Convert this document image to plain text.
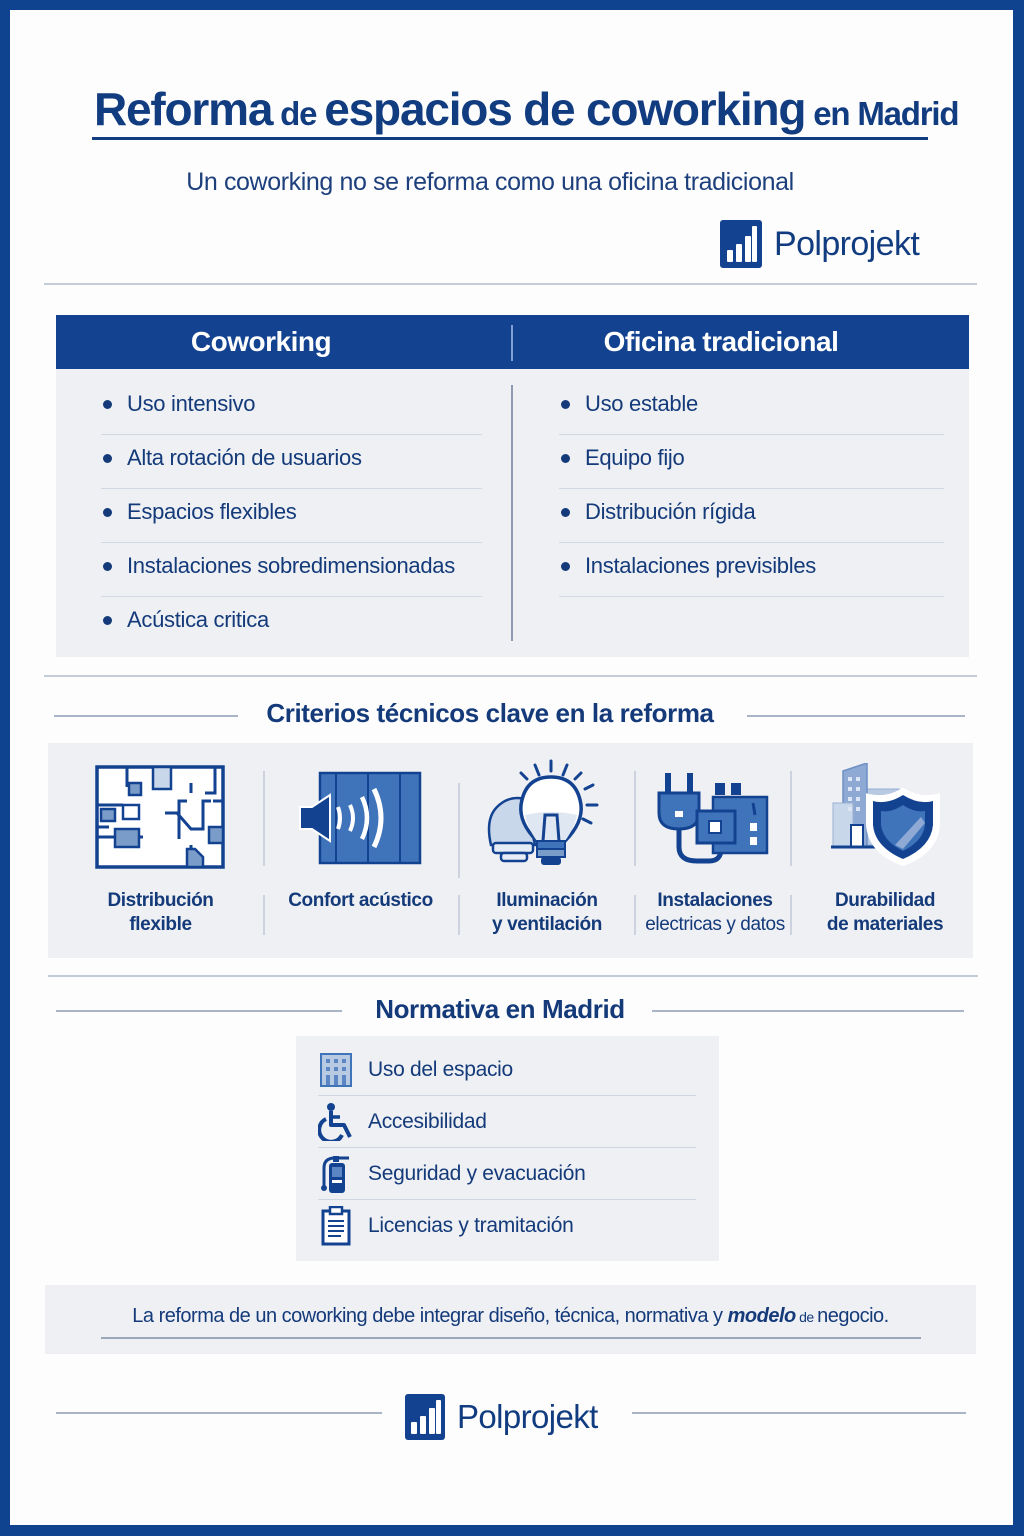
Reforma de espacios de coworking en Madrid
Un coworking no se reforma como una oficina tradicional
Polprojekt
Coworking	Oficina tradicional
Uso intensivo
Alta rotación de usuarios
Espacios flexibles
Instalaciones sobredimensionadas
Acústica critica
Uso estable
Equipo fijo
Distribución rígida
Instalaciones previsibles
Criterios técnicos clave en la reforma
Distribución
flexible
Confort acústico	Iluminación
y ventilación
Instalaciones
electricas y datos
Durabilidad
de materiales
Normativa en Madrid
Uso del espacio
Accesibilidad
Seguridad y evacuación
Licencias y tramitación
La reforma de un coworking debe integrar diseño, técnica, normativa y modelo de negocio.
Polprojekt
